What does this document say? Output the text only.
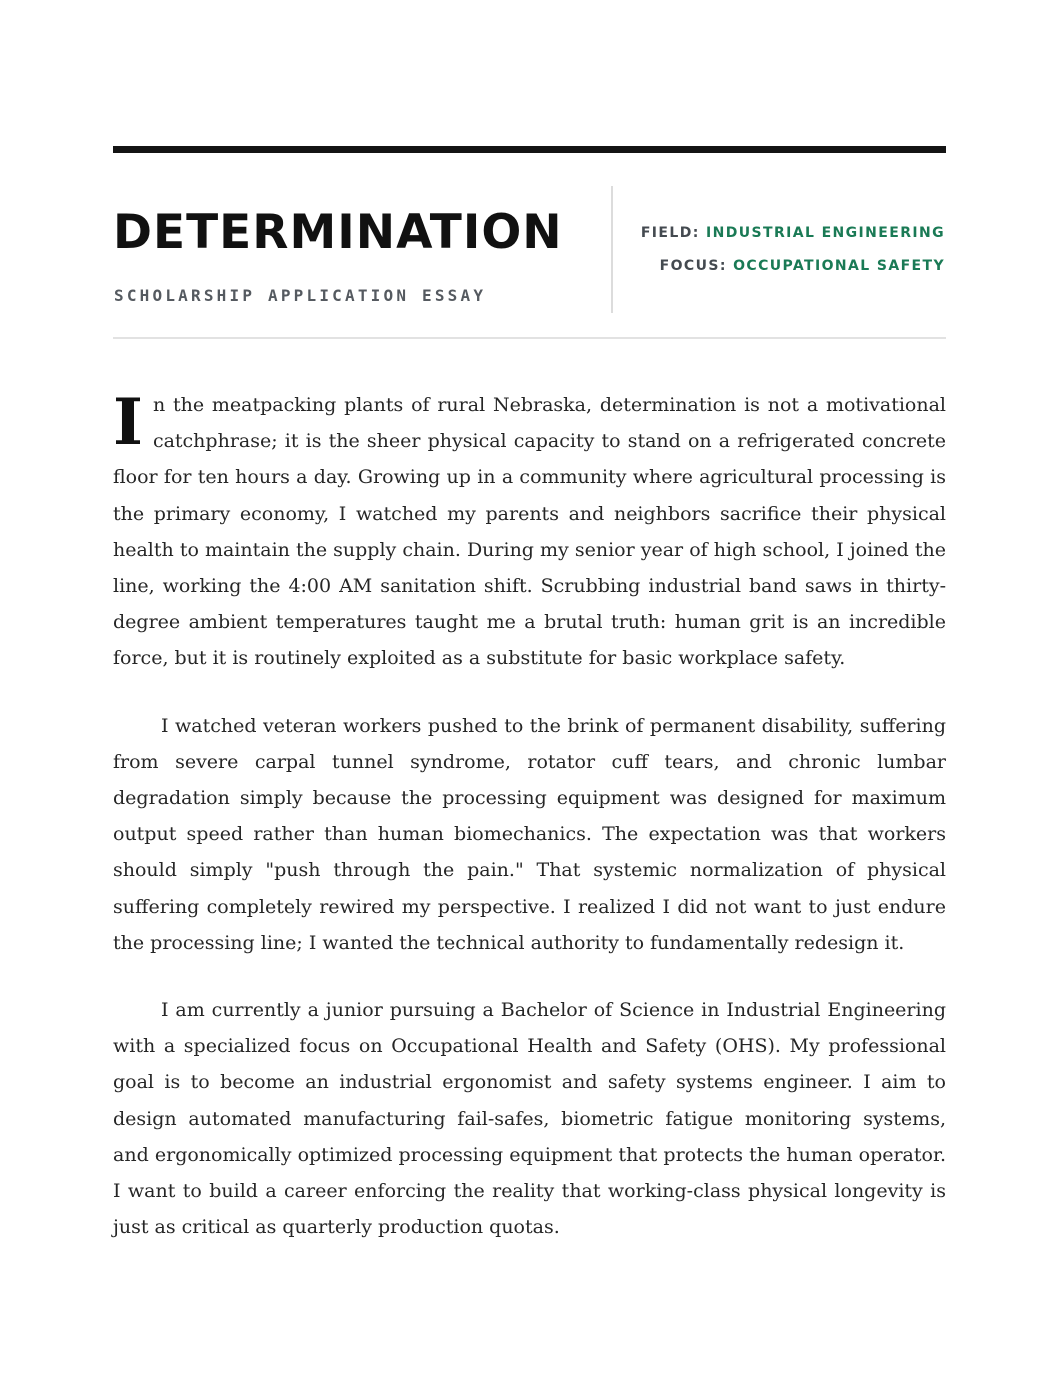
DETERMINATION
SCHOLARSHIP APPLICATION ESSAY
FIELD: INDUSTRIAL ENGINEERING
FOCUS: OCCUPATIONAL SAFETY

In the meatpacking plants of rural Nebraska, determination is not a motivational catchphrase; it is the sheer physical capacity to stand on a refrigerated concrete floor for ten hours a day. Growing up in a community where agricultural processing is the primary economy, I watched my parents and neighbors sacrifice their physical health to maintain the supply chain. During my senior year of high school, I joined the line, working the 4:00 AM sanitation shift. Scrubbing industrial band saws in thirty-degree ambient temperatures taught me a brutal truth: human grit is an incredible force, but it is routinely exploited as a substitute for basic workplace safety.

I watched veteran workers pushed to the brink of permanent disability, suffering from severe carpal tunnel syndrome, rotator cuff tears, and chronic lumbar degradation simply because the processing equipment was designed for maximum output speed rather than human biomechanics. The expectation was that workers should simply "push through the pain." That systemic normalization of physical suffering completely rewired my perspective. I realized I did not want to just endure the processing line; I wanted the technical authority to fundamentally redesign it.

I am currently a junior pursuing a Bachelor of Science in Industrial Engineering with a specialized focus on Occupational Health and Safety (OHS). My professional goal is to become an industrial ergonomist and safety systems engineer. I aim to design automated manufacturing fail-safes, biometric fatigue monitoring systems, and ergonomically optimized processing equipment that protects the human operator. I want to build a career enforcing the reality that working-class physical longevity is just as critical as quarterly production quotas.
